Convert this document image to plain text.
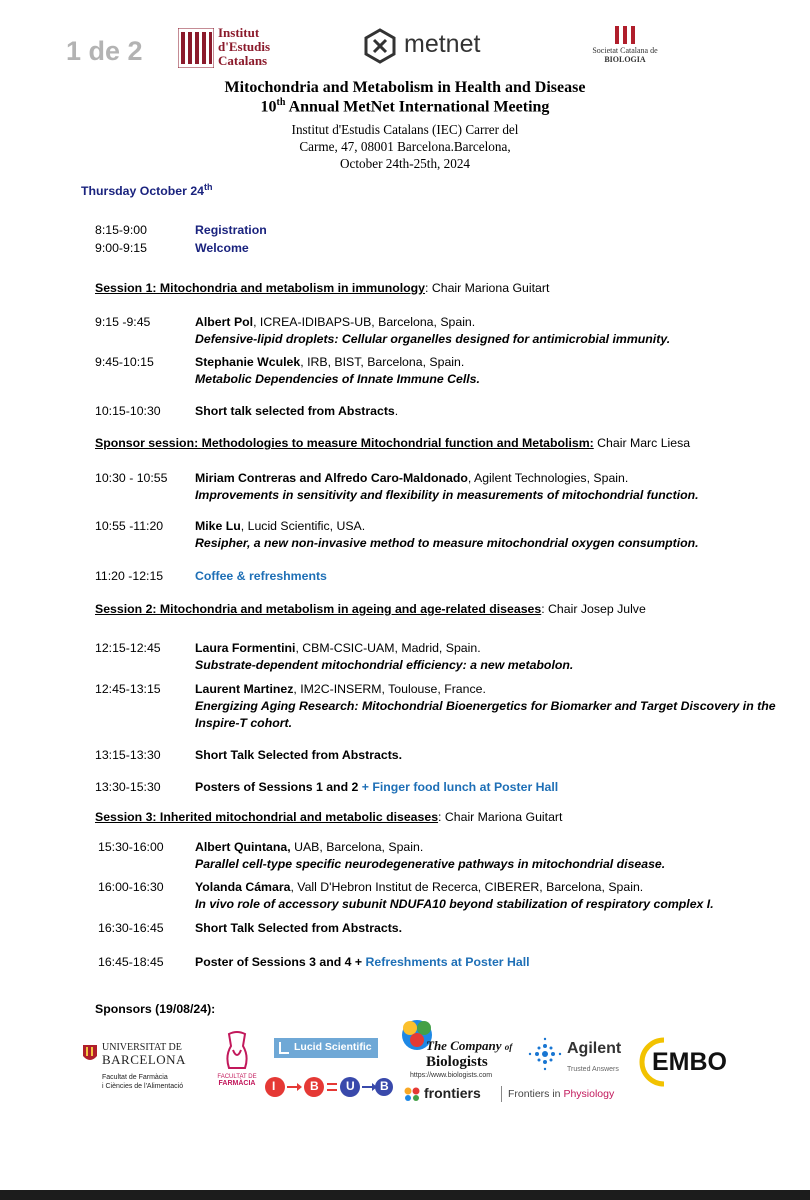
1 de 2
Institut
d'Estudis
Catalans
metnet	Societat Catalana de
BIOLOGIA
Mitochondria and Metabolism in Health and Disease
10th Annual MetNet International Meeting
Institut d'Estudis Catalans (IEC) Carrer del
Carme, 47, 08001 Barcelona.Barcelona,
October 24th-25th, 2024
Thursday October 24th
8:15-9:00	Registration
9:00-9:15	Welcome
Session 1: Mitochondria and metabolism in immunology: Chair Mariona Guitart
9:15 -9:45	Albert Pol, ICREA-IDIBAPS-UB, Barcelona, Spain.
Defensive-lipid droplets: Cellular organelles designed for antimicrobial immunity.
9:45-10:15	Stephanie Wculek, IRB, BIST, Barcelona, Spain.
Metabolic Dependencies of Innate Immune Cells.
10:15-10:30	Short talk selected from Abstracts.
Sponsor session: Methodologies to measure Mitochondrial function and Metabolism: Chair Marc Liesa
10:30 - 10:55 Miriam Contreras and Alfredo Caro-Maldonado, Agilent Technologies, Spain.
Improvements in sensitivity and flexibility in measurements of mitochondrial function.
10:55 -11:20	Mike Lu, Lucid Scientific, USA.
Resipher, a new non-invasive method to measure mitochondrial oxygen consumption.
11:20 -12:15	Coffee & refreshments
Session 2: Mitochondria and metabolism in ageing and age-related diseases: Chair Josep Julve
12:15-12:45	Laura Formentini, CBM-CSIC-UAM, Madrid, Spain.
Substrate-dependent mitochondrial efficiency: a new metabolon.
12:45-13:15	Laurent Martinez, IM2C-INSERM, Toulouse, France.
Energizing Aging Research: Mitochondrial Bioenergetics for Biomarker and Target Discovery in the
Inspire-T cohort.
13:15-13:30	Short Talk Selected from Abstracts.
13:30-15:30	Posters of Sessions 1 and 2 + Finger food lunch at Poster Hall
Session 3: Inherited mitochondrial and metabolic diseases: Chair Mariona Guitart
15:30-16:00	Albert Quintana, UAB, Barcelona, Spain.
Parallel cell-type specific neurodegenerative pathways in mitochondrial disease.
16:00-16:30	Yolanda Cámara, Vall D'Hebron Institut de Recerca, CIBERER, Barcelona, Spain.
In vivo role of accessory subunit NDUFA10 beyond stabilization of respiratory complex I.
16:30-16:45	Short Talk Selected from Abstracts.
16:45-18:45	Poster of Sessions 3 and 4 + Refreshments at Poster Hall
Sponsors (19/08/24):
UNIVERSITAT DE
BARCELONA
Facultat de Farmàcia
i Ciències de l'Alimentació
FACULTAT DE
FARMÀCIA
Lucid Scientific
I	B U B
The Company of
Biologists
https://www.biologists.com
frontiers	Frontiers in Physiology
Agilent
Trusted Answers EMBO
